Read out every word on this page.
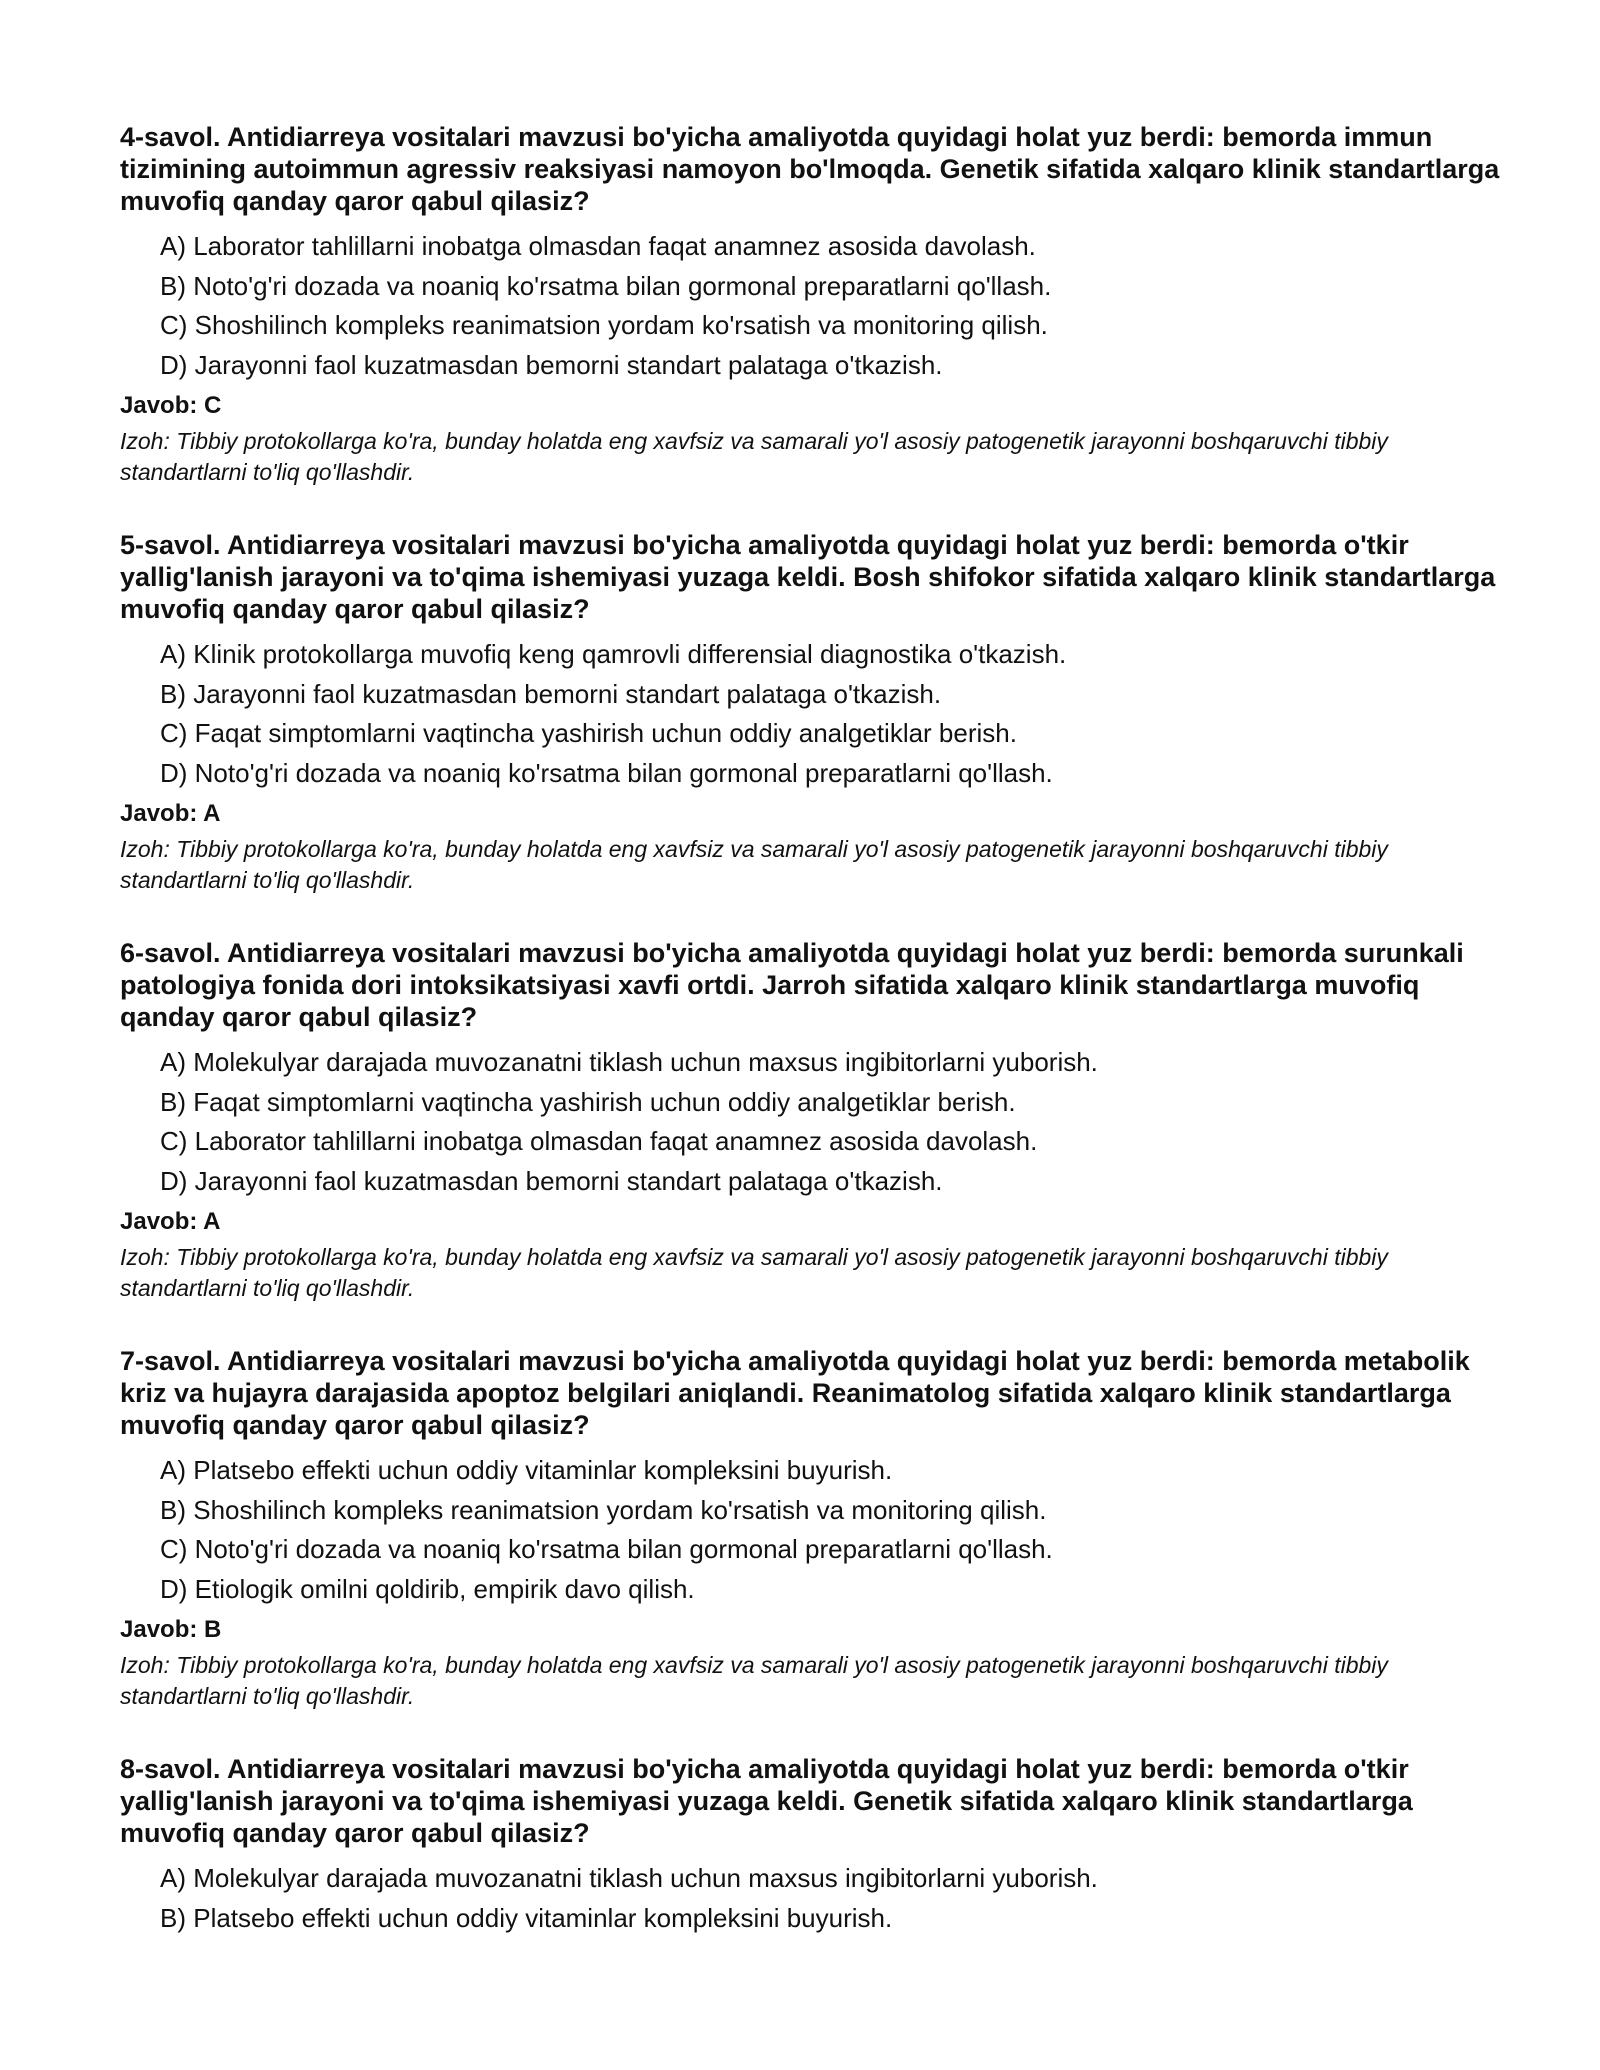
4-savol. Antidiarreya vositalari mavzusi bo'yicha amaliyotda quyidagi holat yuz berdi: bemorda immun tizimining autoimmun agressiv reaksiyasi namoyon bo'lmoqda. Genetik sifatida xalqaro klinik standartlarga muvofiq qanday qaror qabul qilasiz?

A) Laborator tahlillarni inobatga olmasdan faqat anamnez asosida davolash.
B) Noto'g'ri dozada va noaniq ko'rsatma bilan gormonal preparatlarni qo'llash.
C) Shoshilinch kompleks reanimatsion yordam ko'rsatish va monitoring qilish.
D) Jarayonni faol kuzatmasdan bemorni standart palataga o'tkazish.

Javob: C

Izoh: Tibbiy protokollarga ko'ra, bunday holatda eng xavfsiz va samarali yo'l asosiy patogenetik jarayonni boshqaruvchi tibbiy standartlarni to'liq qo'llashdir.

5-savol. Antidiarreya vositalari mavzusi bo'yicha amaliyotda quyidagi holat yuz berdi: bemorda o'tkir yallig'lanish jarayoni va to'qima ishemiyasi yuzaga keldi. Bosh shifokor sifatida xalqaro klinik standartlarga muvofiq qanday qaror qabul qilasiz?

A) Klinik protokollarga muvofiq keng qamrovli differensial diagnostika o'tkazish.
B) Jarayonni faol kuzatmasdan bemorni standart palataga o'tkazish.
C) Faqat simptomlarni vaqtincha yashirish uchun oddiy analgetiklar berish.
D) Noto'g'ri dozada va noaniq ko'rsatma bilan gormonal preparatlarni qo'llash.

Javob: A

Izoh: Tibbiy protokollarga ko'ra, bunday holatda eng xavfsiz va samarali yo'l asosiy patogenetik jarayonni boshqaruvchi tibbiy standartlarni to'liq qo'llashdir.

6-savol. Antidiarreya vositalari mavzusi bo'yicha amaliyotda quyidagi holat yuz berdi: bemorda surunkali patologiya fonida dori intoksikatsiyasi xavfi ortdi. Jarroh sifatida xalqaro klinik standartlarga muvofiq qanday qaror qabul qilasiz?

A) Molekulyar darajada muvozanatni tiklash uchun maxsus ingibitorlarni yuborish.
B) Faqat simptomlarni vaqtincha yashirish uchun oddiy analgetiklar berish.
C) Laborator tahlillarni inobatga olmasdan faqat anamnez asosida davolash.
D) Jarayonni faol kuzatmasdan bemorni standart palataga o'tkazish.

Javob: A

Izoh: Tibbiy protokollarga ko'ra, bunday holatda eng xavfsiz va samarali yo'l asosiy patogenetik jarayonni boshqaruvchi tibbiy standartlarni to'liq qo'llashdir.

7-savol. Antidiarreya vositalari mavzusi bo'yicha amaliyotda quyidagi holat yuz berdi: bemorda metabolik kriz va hujayra darajasida apoptoz belgilari aniqlandi. Reanimatolog sifatida xalqaro klinik standartlarga muvofiq qanday qaror qabul qilasiz?

A) Platsebo effekti uchun oddiy vitaminlar kompleksini buyurish.
B) Shoshilinch kompleks reanimatsion yordam ko'rsatish va monitoring qilish.
C) Noto'g'ri dozada va noaniq ko'rsatma bilan gormonal preparatlarni qo'llash.
D) Etiologik omilni qoldirib, empirik davo qilish.

Javob: B

Izoh: Tibbiy protokollarga ko'ra, bunday holatda eng xavfsiz va samarali yo'l asosiy patogenetik jarayonni boshqaruvchi tibbiy standartlarni to'liq qo'llashdir.

8-savol. Antidiarreya vositalari mavzusi bo'yicha amaliyotda quyidagi holat yuz berdi: bemorda o'tkir yallig'lanish jarayoni va to'qima ishemiyasi yuzaga keldi. Genetik sifatida xalqaro klinik standartlarga muvofiq qanday qaror qabul qilasiz?

A) Molekulyar darajada muvozanatni tiklash uchun maxsus ingibitorlarni yuborish.
B) Platsebo effekti uchun oddiy vitaminlar kompleksini buyurish.
